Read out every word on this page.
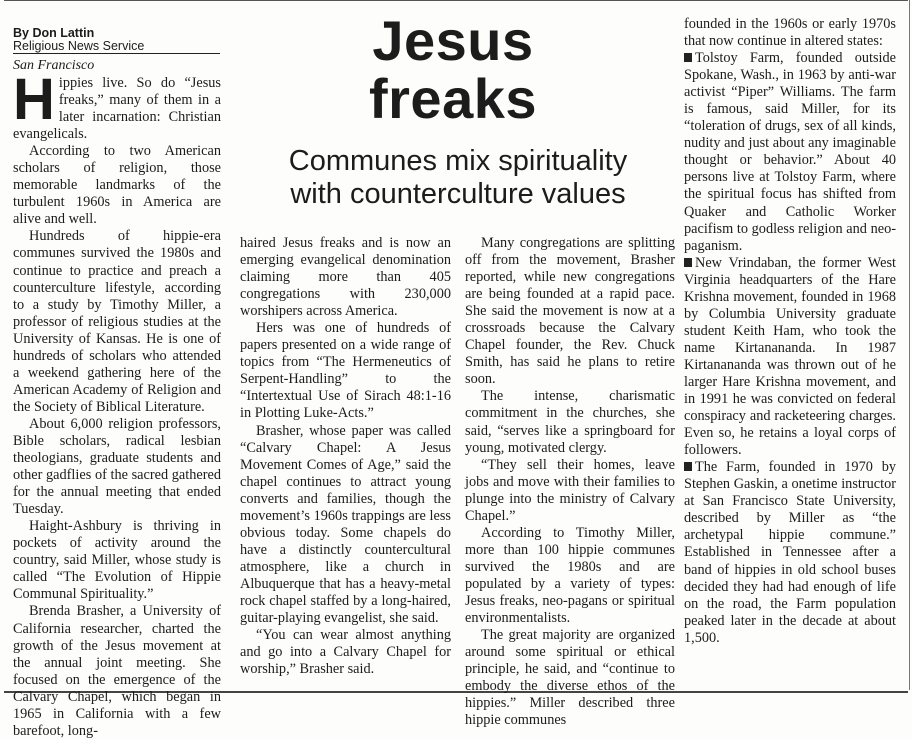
By Don Lattin
Religious News Service
San Francisco	Jesus
freaks
Communes mix spirituality
with counterculture values
H ippies live. So do “Jesus freaks,” many of them in a later incarnation: Christian evangelicals.

According to two American scholars of religion, those memorable landmarks of the turbulent 1960s in America are alive and well.

Hundreds of hippie-era communes survived the 1980s and continue to practice and preach a counterculture lifestyle, according to a study by Timothy Miller, a professor of religious studies at the University of Kansas. He is one of hundreds of scholars who attended a weekend gathering here of the American Academy of Religion and the Society of Biblical Literature.

About 6,000 religion professors, Bible scholars, radical lesbian theologians, graduate students and other gadflies of the sacred gathered for the annual meeting that ended Tuesday.

Haight-Ashbury is thriving in pockets of activity around the country, said Miller, whose study is called “The Evolution of Hippie Communal Spirituality.”

Brenda Brasher, a University of California researcher, charted the growth of the Jesus movement at the annual joint meeting. She focused on the emergence of the Calvary Chapel, which began in 1965 in California with a few barefoot, long-

haired Jesus freaks and is now an emerging evangelical denomination claiming more than 405 congregations with 230,000 worshipers across America.

Hers was one of hundreds of papers presented on a wide range of topics from “The Hermeneutics of Serpent-Handling” to the “Intertextual Use of Sirach 48:1-16 in Plotting Luke-Acts.”

Brasher, whose paper was called “Calvary Chapel: A Jesus Movement Comes of Age,” said the chapel continues to attract young converts and families, though the movement’s 1960s trappings are less obvious today. Some chapels do have a distinctly countercultural atmosphere, like a church in Albuquerque that has a heavy-metal rock chapel staffed by a long-haired, guitar-playing evangelist, she said.

“You can wear almost anything and go into a Calvary Chapel for worship,” Brasher said.

Many congregations are splitting off from the movement, Brasher reported, while new congregations are being founded at a rapid pace. She said the movement is now at a crossroads because the Calvary Chapel founder, the Rev. Chuck Smith, has said he plans to retire soon.

The intense, charismatic commitment in the churches, she said, “serves like a springboard for young, motivated clergy.

“They sell their homes, leave jobs and move with their families to plunge into the ministry of Calvary Chapel.”

According to Timothy Miller, more than 100 hippie communes survived the 1980s and are populated by a variety of types: Jesus freaks, neo-pagans or spiritual environmentalists.

The great majority are organized around some spiritual or ethical principle, he said, and “continue to embody the diverse ethos of the hippies.” Miller described three hippie communes

founded in the 1960s or early 1970s that now continue in altered states:

Tolstoy Farm, founded outside Spokane, Wash., in 1963 by anti-war activist “Piper” Williams. The farm is famous, said Miller, for its “toleration of drugs, sex of all kinds, nudity and just about any imaginable thought or behavior.” About 40 persons live at Tolstoy Farm, where the spiritual focus has shifted from Quaker and Catholic Worker pacifism to godless religion and neo-paganism.

New Vrindaban, the former West Virginia headquarters of the Hare Krishna movement, founded in 1968 by Columbia University graduate student Keith Ham, who took the name Kirtanananda. In 1987 Kirtanananda was thrown out of he larger Hare Krishna movement, and in 1991 he was convicted on federal conspiracy and racketeering charges. Even so, he retains a loyal corps of followers.

The Farm, founded in 1970 by Stephen Gaskin, a onetime instructor at San Francisco State University, described by Miller as “the archetypal hippie commune.” Established in Tennessee after a band of hippies in old school buses decided they had had enough of life on the road, the Farm population peaked later in the decade at about 1,500.
